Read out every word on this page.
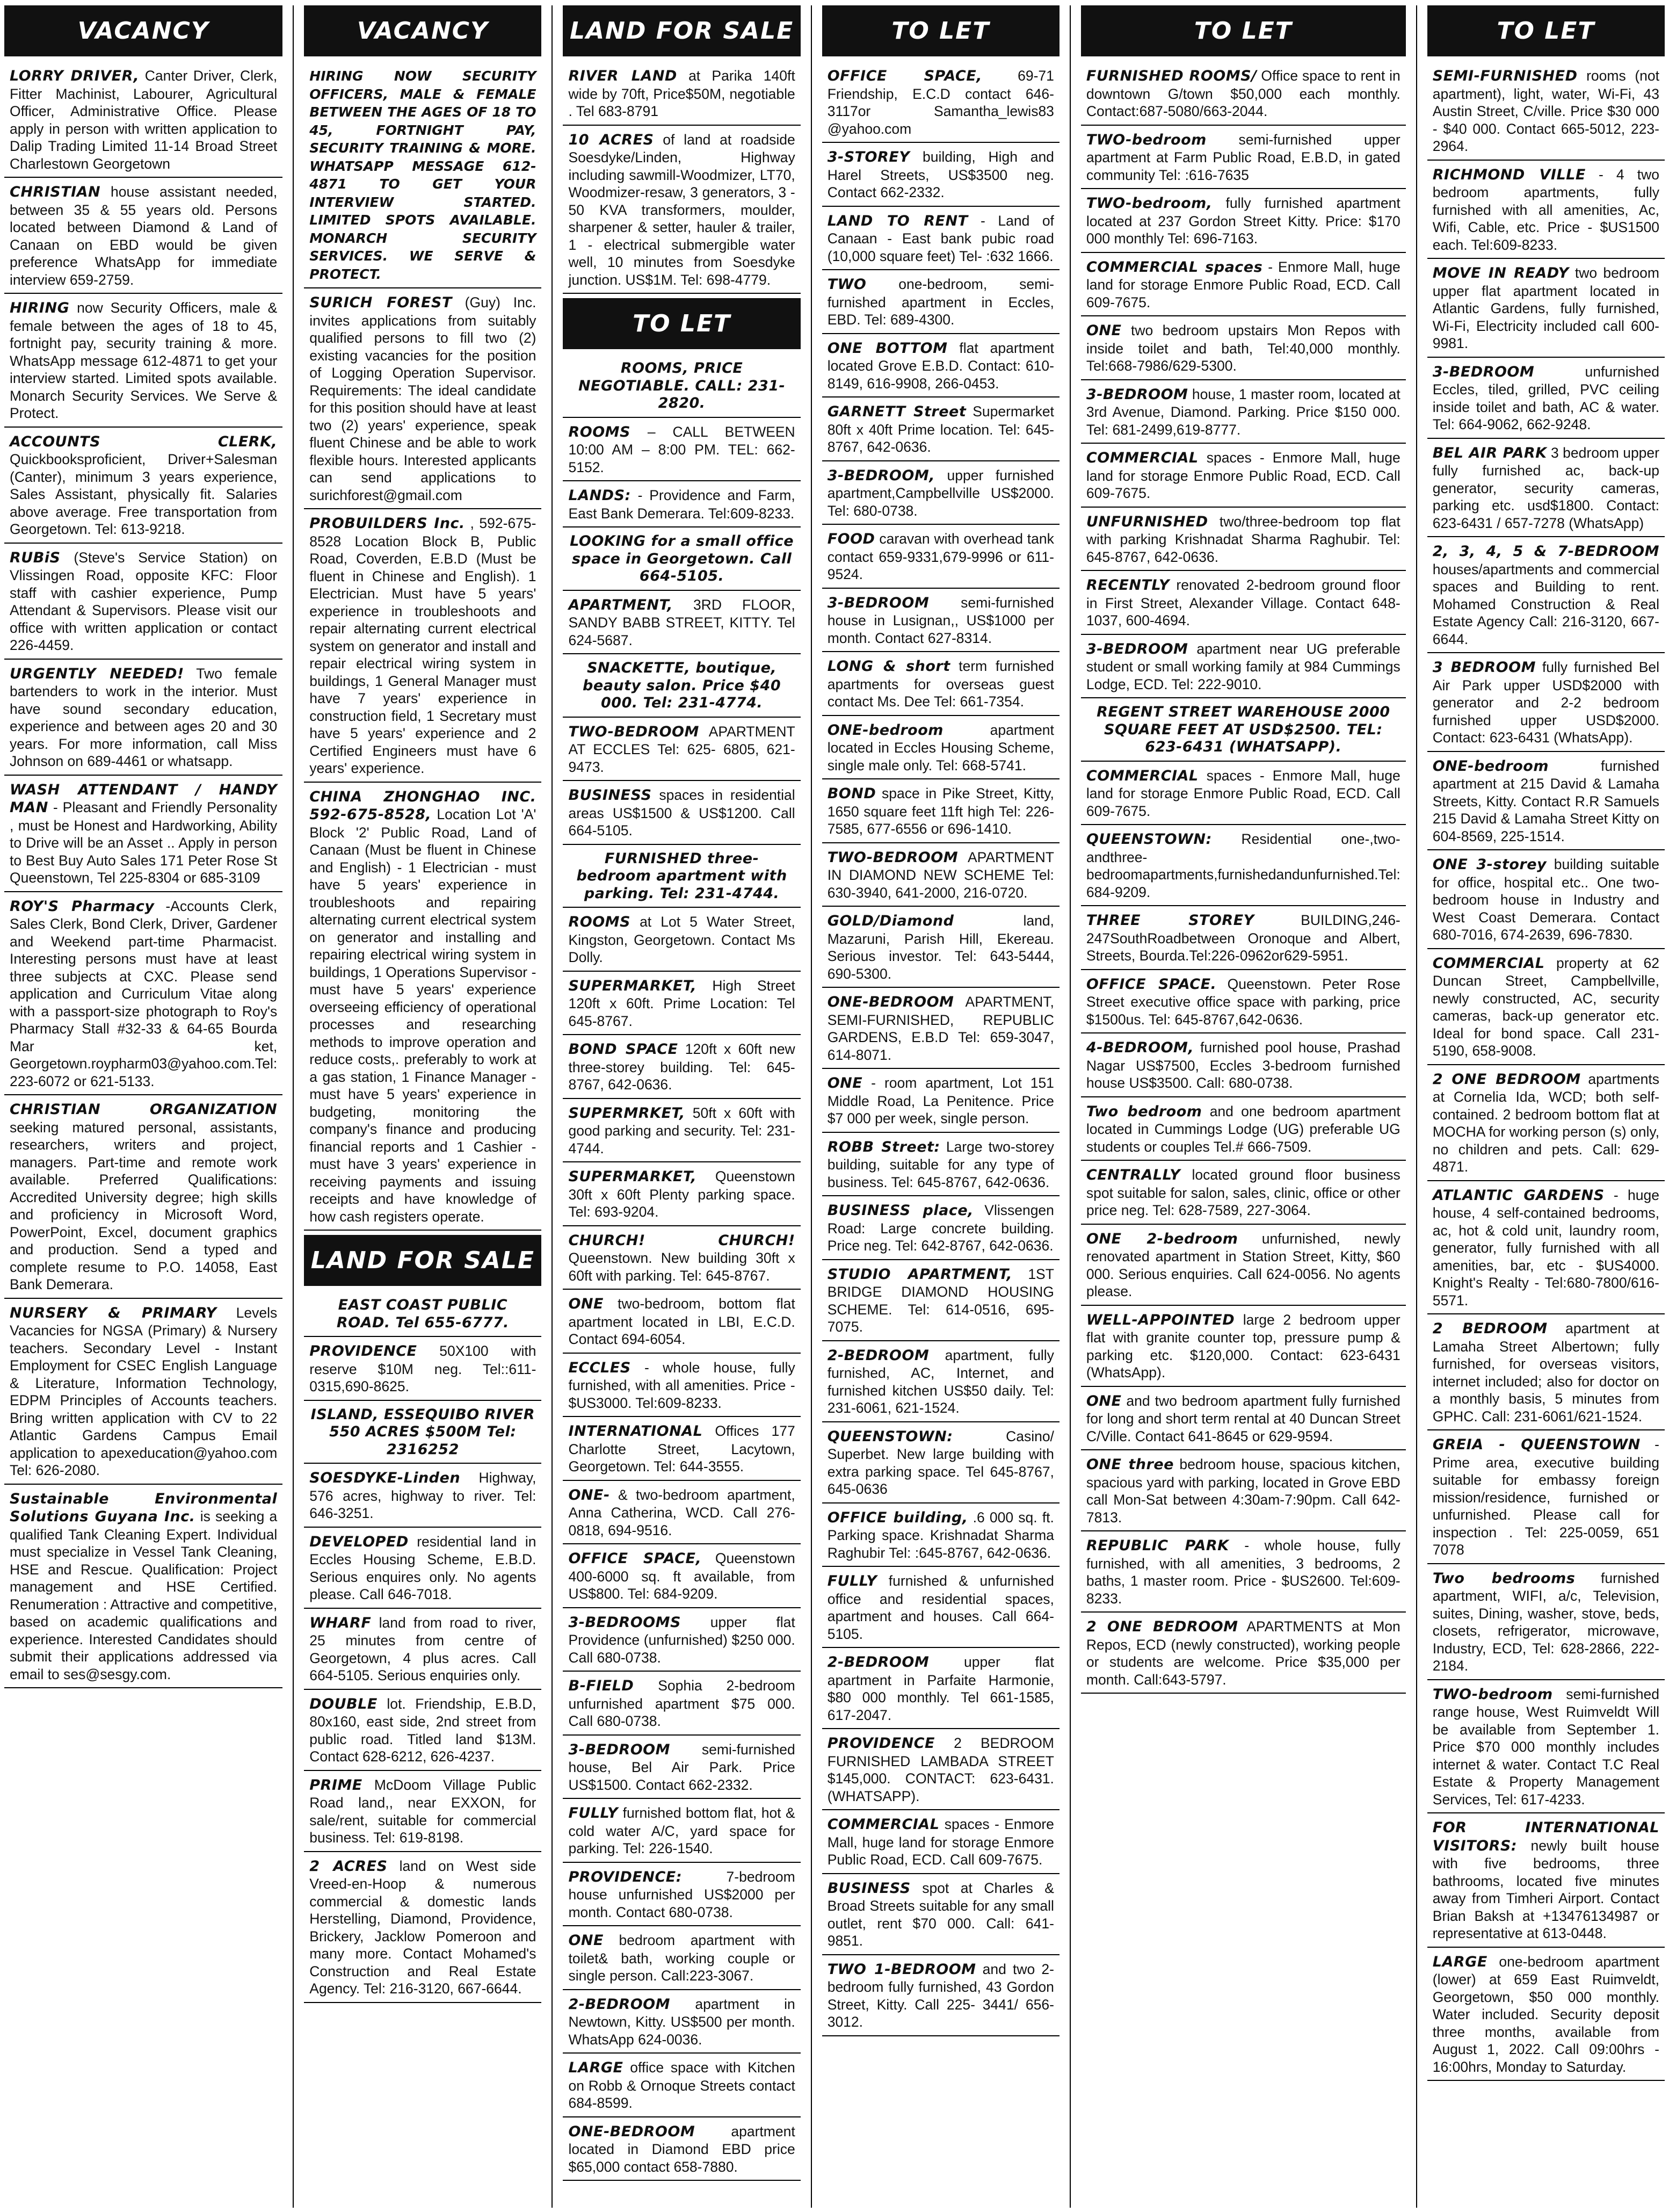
VACANCY
LORRY DRIVER, Canter Driver, Clerk, Fitter Machinist, Labourer, Agricultural Officer, Administrative Office. Please apply in person with written application to Dalip Trading Limited 11-14 Broad Street Charlestown Georgetown
CHRISTIAN house assistant needed, between 35 & 55 years old. Persons located between Diamond & Land of Canaan on EBD would be given preference WhatsApp for immediate interview 659-2759.
HIRING now Security Officers, male & female between the ages of 18 to 45, fortnight pay, security training & more. WhatsApp message 612-4871 to get your interview started. Limited spots available. Monarch Security Services. We Serve & Protect.
ACCOUNTS CLERK, Quickbooksproficient, Driver+Salesman (Canter), minimum 3 years experience, Sales Assistant, physically fit. Salaries above average. Free transportation from Georgetown. Tel: 613-9218.
RUBiS (Steve's Service Station) on Vlissingen Road, opposite KFC: Floor staff with cashier experience, Pump Attendant & Supervisors. Please visit our office with written application or contact 226-4459.
URGENTLY NEEDED! Two female bartenders to work in the interior. Must have sound secondary education, experience and between ages 20 and 30 years. For more information, call Miss Johnson on 689-4461 or whatsapp.
WASH ATTENDANT / HANDY MAN - Pleasant and Friendly Personality , must be Honest and Hardworking, Ability to Drive will be an Asset .. Apply in person to Best Buy Auto Sales 171 Peter Rose St Queenstown, Tel 225-8304 or 685-3109
ROY'S Pharmacy -Accounts Clerk, Sales Clerk, Bond Clerk, Driver, Gardener and Weekend part-time Pharmacist. Interesting persons must have at least three subjects at CXC. Please send application and Curriculum Vitae along with a passport-size photograph to Roy's Pharmacy Stall #32-33 & 64-65 Bourda Mar ket, Georgetown.roypharm03@yahoo.com.Tel: 223-6072 or 621-5133.
CHRISTIAN ORGANIZATION seeking matured personal, assistants, researchers, writers and project, managers. Part-time and remote work available. Preferred Qualifications: Accredited University degree; high skills and proficiency in Microsoft Word, PowerPoint, Excel, document graphics and production. Send a typed and complete resume to P.O. 14058, East Bank Demerara.
NURSERY & PRIMARY Levels Vacancies for NGSA (Primary) & Nursery teachers. Secondary Level - Instant Employment for CSEC English Language & Literature, Information Technology, EDPM Principles of Accounts teachers. Bring written application with CV to 22 Atlantic Gardens Campus Email application to apexeducation@yahoo.com Tel: 626-2080.
Sustainable Environmental Solutions Guyana Inc. is seeking a qualified Tank Cleaning Expert. Individual must specialize in Vessel Tank Cleaning, HSE and Rescue. Qualification: Project management and HSE Certified. Renumeration : Attractive and competitive, based on academic qualifications and experience. Interested Candidates should submit their applications addressed via email to ses@sesgy.com.
VACANCY
HIRING NOW SECURITY OFFICERS, MALE & FEMALE BETWEEN THE AGES OF 18 TO 45, FORTNIGHT PAY, SECURITY TRAINING & MORE. WHATSAPP MESSAGE 612-4871 TO GET YOUR INTERVIEW STARTED. LIMITED SPOTS AVAILABLE. MONARCH SECURITY SERVICES. WE SERVE & PROTECT.
SURICH FOREST (Guy) Inc. invites applications from suitably qualified persons to fill two (2) existing vacancies for the position of Logging Operation Supervisor. Requirements: The ideal candidate for this position should have at least two (2) years' experience, speak fluent Chinese and be able to work flexible hours. Interested applicants can send applications to surichforest@gmail.com
PROBUILDERS Inc. , 592-675-8528 Location Block B, Public Road, Coverden, E.B.D (Must be fluent in Chinese and English). 1 Electrician. Must have 5 years' experience in troubleshoots and repair alternating current electrical system on generator and install and repair electrical wiring system in buildings, 1 General Manager must have 7 years' experience in construction field, 1 Secretary must have 5 years' experience and 2 Certified Engineers must have 6 years' experience.
CHINA ZHONGHAO INC. 592-675-8528, Location Lot 'A' Block '2' Public Road, Land of Canaan (Must be fluent in Chinese and English) - 1 Electrician - must have 5 years' experience in troubleshoots and repairing alternating current electrical system on generator and installing and repairing electrical wiring system in buildings, 1 Operations Supervisor - must have 5 years' experience overseeing efficiency of operational processes and researching methods to improve operation and reduce costs,. preferably to work at a gas station, 1 Finance Manager - must have 5 years' experience in budgeting, monitoring the company's finance and producing financial reports and 1 Cashier - must have 3 years' experience in receiving payments and issuing receipts and have knowledge of how cash registers operate.
LAND FOR SALE
EAST COAST PUBLIC ROAD. Tel 655-6777.
PROVIDENCE 50X100 with reserve $10M neg. Tel::611-0315,690-8625.
ISLAND, ESSEQUIBO RIVER 550 ACRES $500M Tel: 2316252
SOESDYKE-Linden Highway, 576 acres, highway to river. Tel: 646-3251.
DEVELOPED residential land in Eccles Housing Scheme, E.B.D. Serious enquires only. No agents please. Call 646-7018.
WHARF land from road to river, 25 minutes from centre of Georgetown, 4 plus acres. Call 664-5105. Serious enquiries only.
DOUBLE lot. Friendship, E.B.D, 80x160, east side, 2nd street from public road. Titled land $13M. Contact 628-6212, 626-4237.
PRIME McDoom Village Public Road land,, near EXXON, for sale/rent, suitable for commercial business. Tel: 619-8198.
2 ACRES land on West side Vreed-en-Hoop & numerous commercial & domestic lands Herstelling, Diamond, Providence, Brickery, Jacklow Pomeroon and many more. Contact Mohamed's Construction and Real Estate Agency. Tel: 216-3120, 667-6644.
LAND FOR SALE
RIVER LAND at Parika 140ft wide by 70ft, Price$50M, negotiable . Tel 683-8791
10 ACRES of land at roadside Soesdyke/Linden, Highway including sawmill-Woodmizer, LT70, Woodmizer-resaw, 3 generators, 3 - 50 KVA transformers, moulder, sharpener & setter, hauler & trailer, 1 - electrical submergible water well, 10 minutes from Soesdyke junction. US$1M. Tel: 698-4779.
TO LET
ROOMS, PRICE NEGOTIABLE. CALL: 231-2820.
ROOMS – CALL BETWEEN 10:00 AM – 8:00 PM. TEL: 662-5152.
LANDS: - Providence and Farm, East Bank Demerara. Tel:609-8233.
LOOKING for a small office space in Georgetown. Call 664-5105.
APARTMENT, 3RD FLOOR, SANDY BABB STREET, KITTY. Tel 624-5687.
SNACKETTE, boutique, beauty salon. Price $40 000. Tel: 231-4774.
TWO-BEDROOM APARTMENT AT ECCLES Tel: 625- 6805, 621-9473.
BUSINESS spaces in residential areas US$1500 & US$1200. Call 664-5105.
FURNISHED three-bedroom apartment with parking. Tel: 231-4744.
ROOMS at Lot 5 Water Street, Kingston, Georgetown. Contact Ms Dolly.
SUPERMARKET, High Street 120ft x 60ft. Prime Location: Tel 645-8767.
BOND SPACE 120ft x 60ft new three-storey building. Tel: 645-8767, 642-0636.
SUPERMRKET, 50ft x 60ft with good parking and security. Tel: 231-4744.
SUPERMARKET, Queenstown 30ft x 60ft Plenty parking space. Tel: 693-9204.
CHURCH! CHURCH! Queenstown. New building 30ft x 60ft with parking. Tel: 645-8767.
ONE two-bedroom, bottom flat apartment located in LBI, E.C.D. Contact 694-6054.
ECCLES - whole house, fully furnished, with all amenities. Price - $US3000. Tel:609-8233.
INTERNATIONAL Offices 177 Charlotte Street, Lacytown, Georgetown. Tel: 644-3555.
ONE- & two-bedroom apartment, Anna Catherina, WCD. Call 276-0818, 694-9516.
OFFICE SPACE, Queenstown 400-6000 sq. ft available, from US$800. Tel: 684-9209.
3-BEDROOMS upper flat Providence (unfurnished) $250 000. Call 680-0738.
B-FIELD Sophia 2-bedroom unfurnished apartment $75 000. Call 680-0738.
3-BEDROOM semi-furnished house, Bel Air Park. Price US$1500. Contact 662-2332.
FULLY furnished bottom flat, hot & cold water A/C, yard space for parking. Tel: 226-1540.
PROVIDENCE:	7-bedroom house unfurnished US$2000 per month. Contact 680-0738.
ONE bedroom apartment with toilet& bath, working couple or single person. Call:223-3067.
2-BEDROOM apartment in Newtown, Kitty. US$500 per month. WhatsApp 624-0036.
LARGE office space with Kitchen on Robb & Ornoque Streets contact 684-8599.
ONE-BEDROOM	apartment located in Diamond EBD price $65,000 contact 658-7880.
TO LET
OFFICE SPACE, 69-71 Friendship, E.C.D contact 646-3117or Samantha_lewis83 @yahoo.com
3-STOREY building, High and Harel Streets, US$3500 neg. Contact 662-2332.
LAND TO RENT - Land of Canaan - East bank pubic road (10,000 square feet) Tel- :632 1666.
TWO one-bedroom, semi-furnished apartment in Eccles, EBD. Tel: 689-4300.
ONE BOTTOM flat apartment located Grove E.B.D. Contact: 610-8149, 616-9908, 266-0453.
GARNETT Street Supermarket 80ft x 40ft Prime location. Tel: 645-8767, 642-0636.
3-BEDROOM, upper furnished apartment,Campbellville US$2000. Tel: 680-0738.
FOOD caravan with overhead tank contact 659-9331,679-9996 or 611-9524.
3-BEDROOM semi-furnished house in Lusignan,, US$1000 per month. Contact 627-8314.
LONG & short term furnished apartments for overseas guest contact Ms. Dee Tel: 661-7354.
ONE-bedroom	apartment located in Eccles Housing Scheme, single male only. Tel: 668-5741.
BOND space in Pike Street, Kitty, 1650 square feet 11ft high Tel: 226-7585, 677-6556 or 696-1410.
TWO-BEDROOM APARTMENT IN DIAMOND NEW SCHEME Tel: 630-3940, 641-2000, 216-0720.
GOLD/Diamond	land, Mazaruni, Parish Hill, Ekereau. Serious investor. Tel: 643-5444, 690-5300.
ONE-BEDROOM APARTMENT, SEMI-FURNISHED, REPUBLIC GARDENS, E.B.D Tel: 659-3047, 614-8071.
ONE - room apartment, Lot 151 Middle Road, La Penitence. Price $7 000 per week, single person.
ROBB Street: Large two-storey building, suitable for any type of business. Tel: 645-8767, 642-0636.
BUSINESS place, Vlissengen Road: Large concrete building. Price neg. Tel: 642-8767, 642-0636.
STUDIO APARTMENT, 1ST BRIDGE DIAMOND HOUSING SCHEME. Tel: 614-0516, 695-7075.
2-BEDROOM apartment, fully furnished, AC, Internet, and furnished kitchen US$50 daily. Tel: 231-6061, 621-1524.
QUEENSTOWN:	Casino/ Superbet. New large building with extra parking space. Tel 645-8767, 645-0636
OFFICE building, .6 000 sq. ft. Parking space. Krishnadat Sharma Raghubir Tel: :645-8767, 642-0636.
FULLY furnished & unfurnished office and residential spaces, apartment and houses. Call 664-5105.
2-BEDROOM upper flat apartment in Parfaite Harmonie, $80 000 monthly. Tel 661-1585, 617-2047.
PROVIDENCE 2 BEDROOM FURNISHED LAMBADA STREET $145,000. CONTACT: 623-6431. (WHATSAPP).
COMMERCIAL spaces - Enmore Mall, huge land for storage Enmore Public Road, ECD. Call 609-7675.
BUSINESS spot at Charles & Broad Streets suitable for any small outlet, rent $70 000. Call: 641-9851.
TWO 1-BEDROOM and two 2-bedroom fully furnished, 43 Gordon Street, Kitty. Call 225- 3441/ 656-3012.
TO LET
FURNISHED ROOMS/ Office space to rent in downtown G/town $50,000 each monthly. Contact:687-5080/663-2044.
TWO-bedroom semi-furnished upper apartment at Farm Public Road, E.B.D, in gated community Tel: :616-7635
TWO-bedroom, fully furnished apartment located at 237 Gordon Street Kitty. Price: $170 000 monthly Tel: 696-7163.
COMMERCIAL spaces - Enmore Mall, huge land for storage Enmore Public Road, ECD. Call 609-7675.
ONE two bedroom upstairs Mon Repos with inside toilet and bath, Tel:40,000 monthly. Tel:668-7986/629-5300.
3-BEDROOM house, 1 master room, located at 3rd Avenue, Diamond. Parking. Price $150 000. Tel: 681-2499,619-8777.
COMMERCIAL spaces - Enmore Mall, huge land for storage Enmore Public Road, ECD. Call 609-7675.
UNFURNISHED two/three-bedroom top flat with parking Krishnadat Sharma Raghubir. Tel: 645-8767, 642-0636.
RECENTLY renovated 2-bedroom ground floor in First Street, Alexander Village. Contact 648-1037, 600-4694.
3-BEDROOM apartment near UG preferable student or small working family at 984 Cummings Lodge, ECD. Tel: 222-9010.
REGENT STREET WAREHOUSE 2000 SQUARE FEET AT USD$2500. TEL: 623-6431 (WHATSAPP).
COMMERCIAL spaces - Enmore Mall, huge land for storage Enmore Public Road, ECD. Call 609-7675.
QUEENSTOWN: Residential one-,two-andthree-bedroomapartments,furnishedandunfurnished.Tel: 684-9209.
THREE STOREY	BUILDING,246-247SouthRoadbetween Oronoque and Albert, Streets, Bourda.Tel:226-0962or629-5951.
OFFICE SPACE. Queenstown. Peter Rose Street executive office space with parking, price $1500us. Tel: 645-8767,642-0636.
4-BEDROOM, furnished pool house, Prashad Nagar US$7500, Eccles 3-bedroom furnished house US$3500. Call: 680-0738.
Two bedroom and one bedroom apartment located in Cummings Lodge (UG) preferable UG students or couples Tel.# 666-7509.
CENTRALLY located ground floor business spot suitable for salon, sales, clinic, office or other price neg. Tel: 628-7589, 227-3064.
ONE 2-bedroom unfurnished, newly renovated apartment in Station Street, Kitty, $60 000. Serious enquiries. Call 624-0056. No agents please.
WELL-APPOINTED large 2 bedroom upper flat with granite counter top, pressure pump & parking etc. $120,000. Contact: 623-6431 (WhatsApp).
ONE and two bedroom apartment fully furnished for long and short term rental at 40 Duncan Street C/Ville. Contact 641-8645 or 629-9594.
ONE three bedroom house, spacious kitchen, spacious yard with parking, located in Grove EBD call Mon-Sat between 4:30am-7:90pm. Call 642-7813.
REPUBLIC PARK - whole house, fully furnished, with all amenities, 3 bedrooms, 2 baths, 1 master room. Price - $US2600. Tel:609-8233.
2 ONE BEDROOM APARTMENTS at Mon Repos, ECD (newly constructed), working people or students are welcome. Price $35,000 per month. Call:643-5797.
TO LET
SEMI-FURNISHED rooms (not apartment), light, water, Wi-Fi, 43 Austin Street, C/ville. Price $30 000 - $40 000. Contact 665-5012, 223-2964.
RICHMOND VILLE - 4 two bedroom apartments, fully furnished with all amenities, Ac, Wifi, Cable, etc. Price - $US1500 each. Tel:609-8233.
MOVE IN READY two bedroom upper flat apartment located in Atlantic Gardens, fully furnished, Wi-Fi, Electricity included call 600-9981.
3-BEDROOM	unfurnished Eccles, tiled, grilled, PVC ceiling inside toilet and bath, AC & water. Tel: 664-9062, 662-9248.
BEL AIR PARK 3 bedroom upper fully furnished ac, back-up generator, security cameras, parking etc. usd$1800. Contact: 623-6431 / 657-7278 (WhatsApp)
2, 3, 4, 5 & 7-BEDROOM houses/apartments and commercial spaces and Building to rent. Mohamed Construction & Real Estate Agency Call: 216-3120, 667-6644.
3 BEDROOM fully furnished Bel Air Park upper USD$2000 with generator and 2-2 bedroom furnished upper USD$2000. Contact: 623-6431 (WhatsApp).
ONE-bedroom	furnished apartment at 215 David & Lamaha Streets, Kitty. Contact R.R Samuels 215 David & Lamaha Street Kitty on 604-8569, 225-1514.
ONE 3-storey building suitable for office, hospital etc.. One two-bedroom house in Industry and West Coast Demerara. Contact 680-7016, 674-2639, 696-7830.
COMMERCIAL property at 62 Duncan Street, Campbellville, newly constructed, AC, security cameras, back-up generator etc. Ideal for bond space. Call 231-5190, 658-9008.
2 ONE BEDROOM apartments at Cornelia Ida, WCD; both self-contained. 2 bedroom bottom flat at MOCHA for working person (s) only, no children and pets. Call: 629-4871.
ATLANTIC GARDENS - huge house, 4 self-contained bedrooms, ac, hot & cold unit, laundry room, generator, fully furnished with all amenities, bar, etc - $US4000. Knight's Realty - Tel:680-7800/616-5571.
2 BEDROOM apartment at Lamaha Street Albertown; fully furnished, for overseas visitors, internet included; also for doctor on a monthly basis, 5 minutes from GPHC. Call: 231-6061/621-1524.
GREIA - QUEENSTOWN - Prime area, executive building suitable for embassy foreign mission/residence, furnished or unfurnished. Please call for inspection . Tel: 225-0059, 651 7078
Two bedrooms furnished apartment, WIFI, a/c, Television, suites, Dining, washer, stove, beds, closets, refrigerator, microwave, Industry, ECD, Tel: 628-2866, 222-2184.
TWO-bedroom semi-furnished range house, West Ruimveldt Will be available from September 1. Price $70 000 monthly includes internet & water. Contact T.C Real Estate & Property Management Services, Tel: 617-4233.
FOR INTERNATIONAL VISITORS: newly built house with five bedrooms, three bathrooms, located five minutes away from Timheri Airport. Contact Brian Baksh at +13476134987 or representative at 613-0448.
LARGE one-bedroom apartment (lower) at 659 East Ruimveldt, Georgetown, $50 000 monthly. Water included. Security deposit three months, available from August 1, 2022. Call 09:00hrs - 16:00hrs, Monday to Saturday.
